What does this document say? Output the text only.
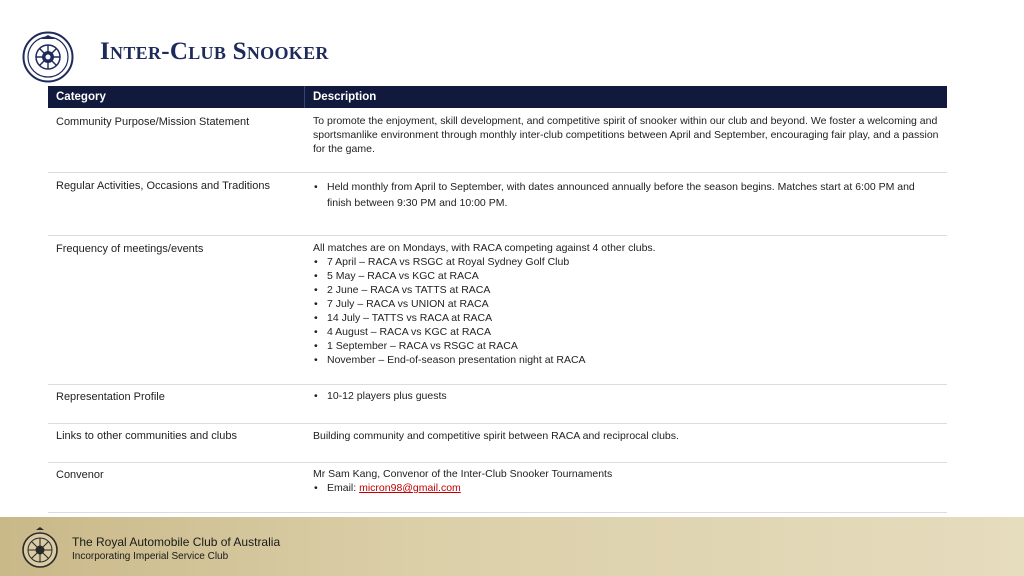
Inter-Club Snooker
Category	Description
Community Purpose/Mission Statement	To promote the enjoyment, skill development, and competitive spirit of snooker within our club and beyond. We foster a welcoming and sportsmanlike environment through monthly inter-club competitions between April and September, encouraging fair play, and a passion for the game.

Regular Activities, Occasions and Traditions	• Held monthly from April to September, with dates announced annually before the season begins. Matches start at 6:00 PM and finish between 9:30 PM and 10:00 PM.
Frequency of meetings/events	All matches are on Mondays, with RACA competing against 4 other clubs.

• 7 April – RACA vs RSGC at Royal Sydney Golf Club
• 5 May – RACA vs KGC at RACA
• 2 June – RACA vs TATTS at RACA
• 7 July – RACA vs UNION at RACA
• 14 July – TATTS vs RACA at RACA
• 4 August – RACA vs KGC at RACA
• 1 September – RACA vs RSGC at RACA
• November – End-of-season presentation night at RACA
Representation Profile	• 10-12 players plus guests
Links to other communities and clubs	Building community and competitive spirit between RACA and reciprocal clubs.

Convenor	Mr Sam Kang, Convenor of the Inter-Club Snooker Tournaments

• Email: micron98@gmail.com
The Royal Automobile Club of Australia
Incorporating Imperial Service Club
